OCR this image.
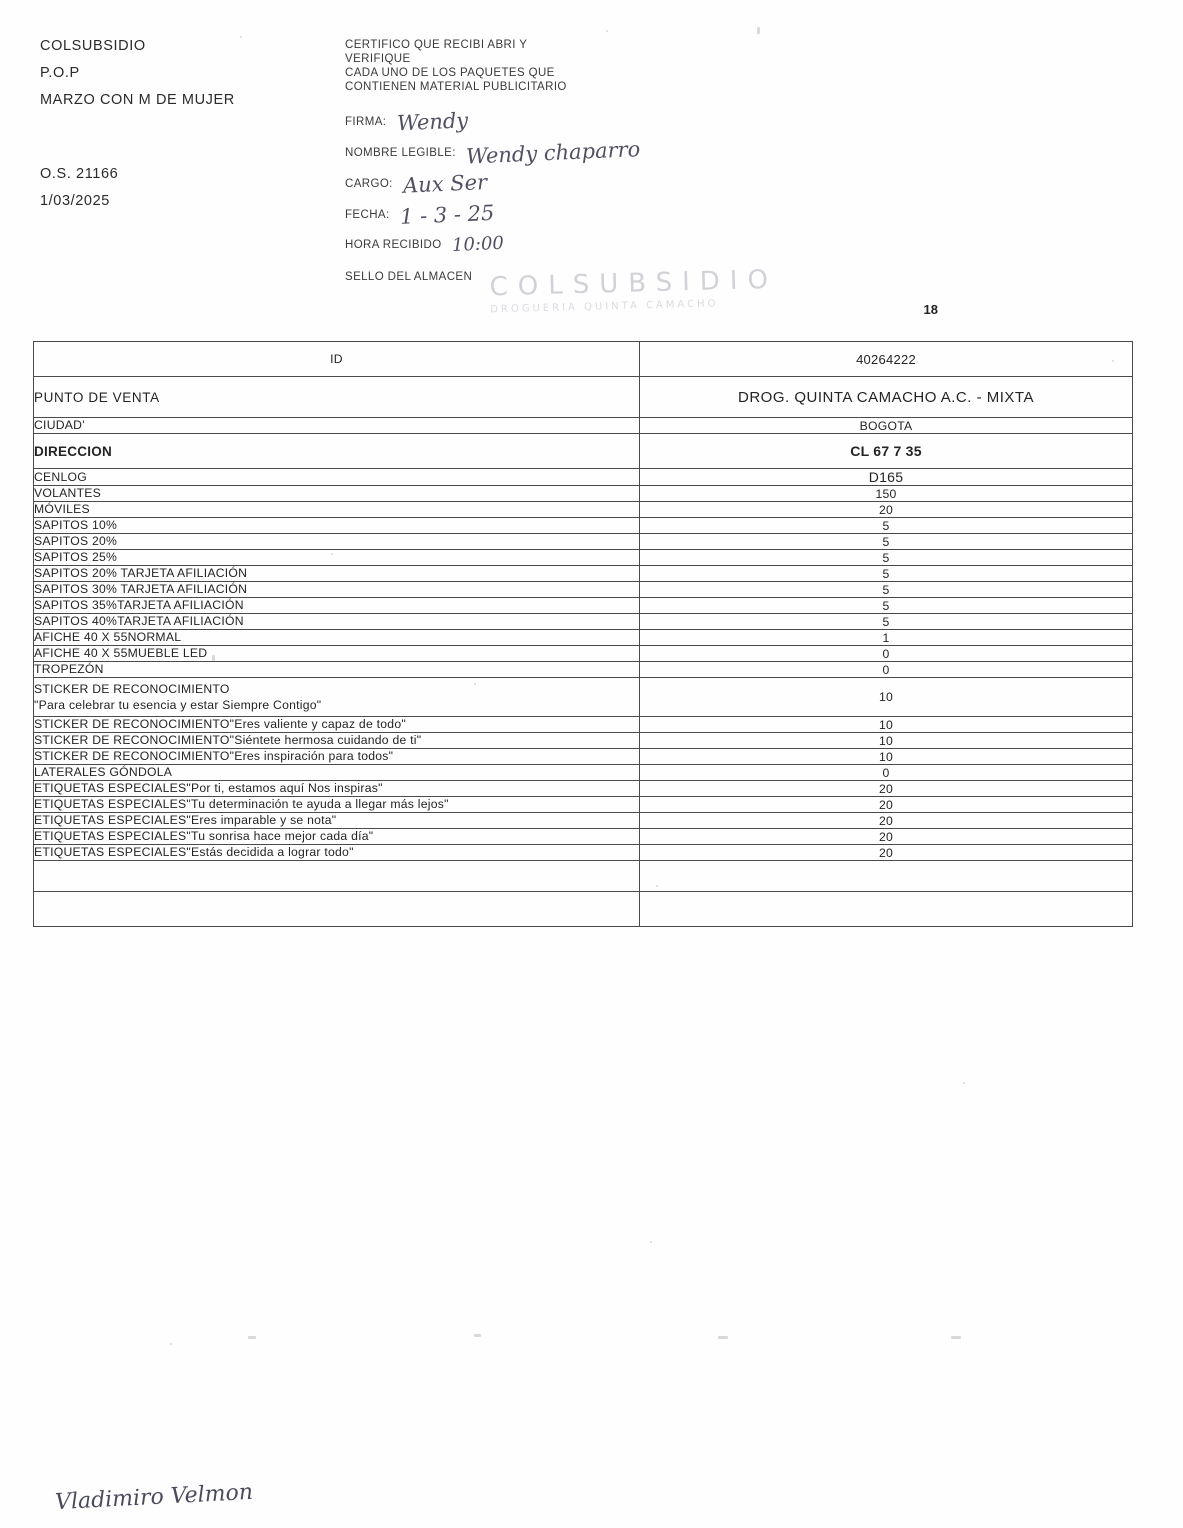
COLSUBSIDIO
P.O.P
MARZO CON M DE MUJER
O.S. 21166
1/03/2025
CERTIFICO QUE RECIBI ABRI Y
VERIFIQUE
CADA UNO DE LOS PAQUETES QUE
CONTIENEN MATERIAL PUBLICITARIO
FIRMA: Wendy
NOMBRE LEGIBLE: Wendy chaparro
CARGO: Aux Ser
FECHA: 1 - 3 - 25
HORA RECIBIDO 10:00
SELLO DEL ALMACEN COLSUBSIDIO
DROGUERIA QUINTA CAMACHO	18
ID	40264222
PUNTO DE VENTA	DROG. QUINTA CAMACHO A.C. - MIXTA
CIUDAD'	BOGOTA
DIRECCION	CL 67 7 35
CENLOG	D165
VOLANTES	150
MÓVILES	20
SAPITOS 10%	5
SAPITOS 20%	5
SAPITOS 25%	5
SAPITOS 20% TARJETA AFILIACIÓN	5
SAPITOS 30% TARJETA AFILIACIÓN	5
SAPITOS 35%TARJETA AFILIACIÓN	5
SAPITOS 40%TARJETA AFILIACIÓN	5
AFICHE 40 X 55NORMAL	1
AFICHE 40 X 55MUEBLE LED	0
TROPEZÓN	0
STICKER DE RECONOCIMIENTO
"Para celebrar tu esencia y estar Siempre Contigo"	10
STICKER DE RECONOCIMIENTO"Eres valiente y capaz de todo"	10
STICKER DE RECONOCIMIENTO"Siéntete hermosa cuidando de ti"	10
STICKER DE RECONOCIMIENTO"Eres inspiración para todos"	10
LATERALES GÓNDOLA	0
ETIQUETAS ESPECIALES"Por ti, estamos aquí Nos inspiras"	20
ETIQUETAS ESPECIALES"Tu determinación te ayuda a llegar más lejos"	20
ETIQUETAS ESPECIALES"Eres imparable y se nota"	20
ETIQUETAS ESPECIALES"Tu sonrisa hace mejor cada día"	20
ETIQUETAS ESPECIALES"Estás decidida a lograr todo"	20

Vladimiro Velmon
